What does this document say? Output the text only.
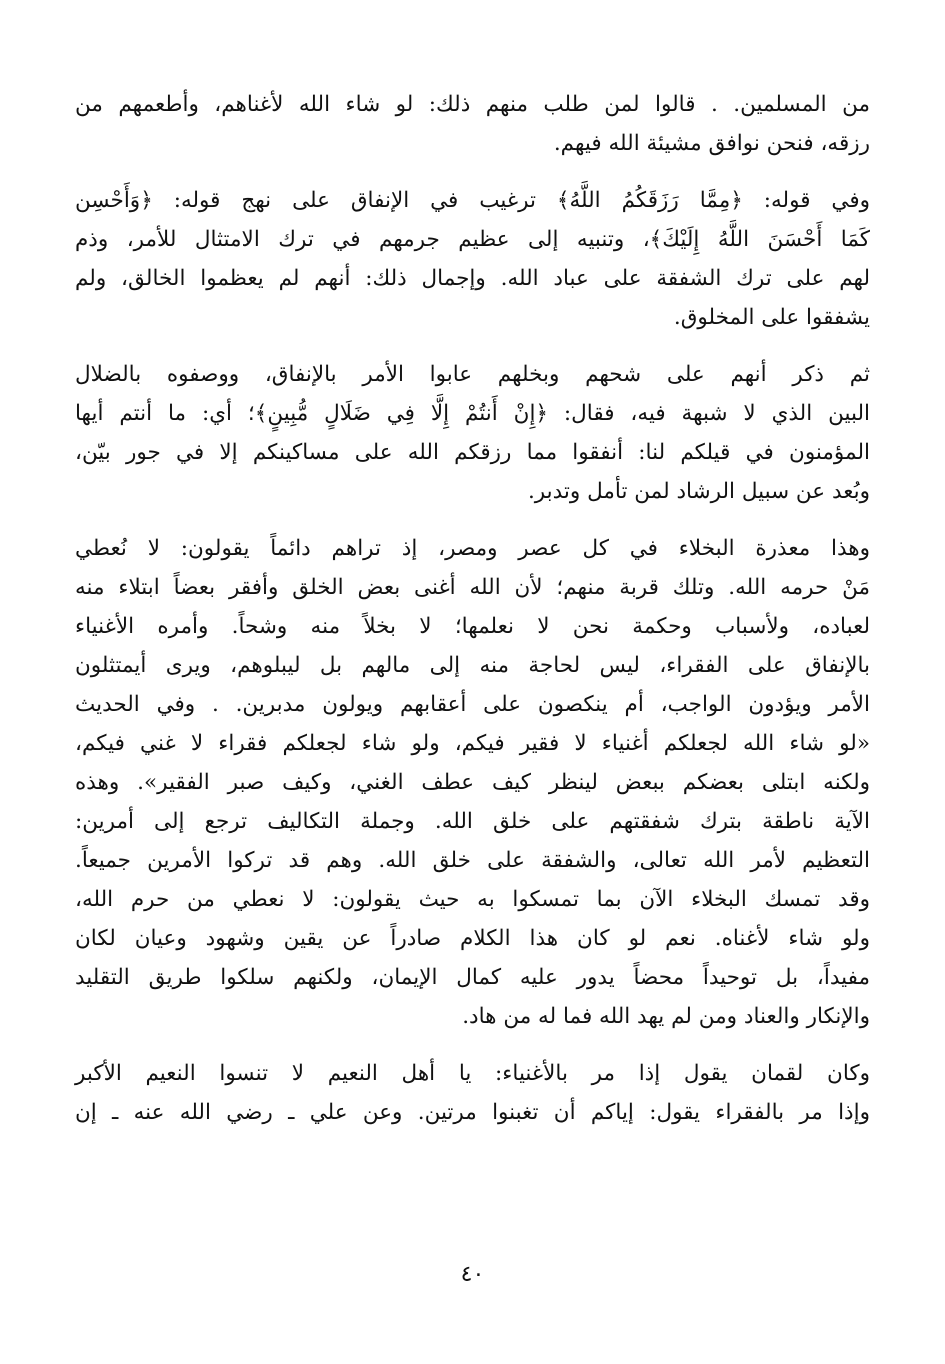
من المسلمين. . قالوا لمن طلب منهم ذلك: لو شاء الله لأغناهم، وأطعمهم من
رزقه، فنحن نوافق مشيئة الله فيهم.

وفي قوله: ﴿مِمَّا رَزَقَكُمُ اللَّهُ﴾ ترغيب في الإنفاق على نهج قوله: ﴿وَأَحْسِن
كَمَا أَحْسَنَ اللَّهُ إِلَيْكَ﴾، وتنبيه إلى عظيم جرمهم في ترك الامتثال للأمر، وذم
لهم على ترك الشفقة على عباد الله. وإجمال ذلك: أنهم لم يعظموا الخالق، ولم
يشفقوا على المخلوق.

ثم ذكر أنهم على شحهم وبخلهم عابوا الأمر بالإنفاق، ووصفوه بالضلال
البين الذي لا شبهة فيه، فقال: ﴿إِنْ أَنتُمْ إِلَّا فِي ضَلَالٍ مُّبِينٍ﴾؛ أي: ما أنتم أيها
المؤمنون في قيلكم لنا: أنفقوا مما رزقكم الله على مساكينكم إلا في جور بيّن،
وبُعد عن سبيل الرشاد لمن تأمل وتدبر.

وهذا معذرة البخلاء في كل عصر ومصر، إذ تراهم دائماً يقولون: لا نُعطي
مَنْ حرمه الله. وتلك قربة منهم؛ لأن الله أغنى بعض الخلق وأفقر بعضاً ابتلاء منه
لعباده، ولأسباب وحكمة نحن لا نعلمها؛ لا بخلاً منه وشحاً. وأمره الأغنياء
بالإنفاق على الفقراء، ليس لحاجة منه إلى مالهم بل ليبلوهم، ويرى أيمتثلون
الأمر ويؤدون الواجب، أم ينكصون على أعقابهم ويولون مدبرين. . وفي الحديث
«لو شاء الله لجعلكم أغنياء لا فقير فيكم، ولو شاء لجعلكم فقراء لا غني فيكم،
ولكنه ابتلى بعضكم ببعض لينظر كيف عطف الغني، وكيف صبر الفقير». وهذه
الآية ناطقة بترك شفقتهم على خلق الله. وجملة التكاليف ترجع إلى أمرين:
التعظيم لأمر الله تعالى، والشفقة على خلق الله. وهم قد تركوا الأمرين جميعاً.
وقد تمسك البخلاء الآن بما تمسكوا به حيث يقولون: لا نعطي من حرم الله،
ولو شاء لأغناه. نعم لو كان هذا الكلام صادراً عن يقين وشهود وعيان لكان
مفيداً، بل توحيداً محضاً يدور عليه كمال الإيمان، ولكنهم سلكوا طريق التقليد
والإنكار والعناد ومن لم يهد الله فما له من هاد.

وكان لقمان يقول إذا مر بالأغنياء: يا أهل النعيم لا تنسوا النعيم الأكبر
وإذا مر بالفقراء يقول: إياكم أن تغبنوا مرتين. وعن علي ـ رضي الله عنه ـ إن

٤٠
